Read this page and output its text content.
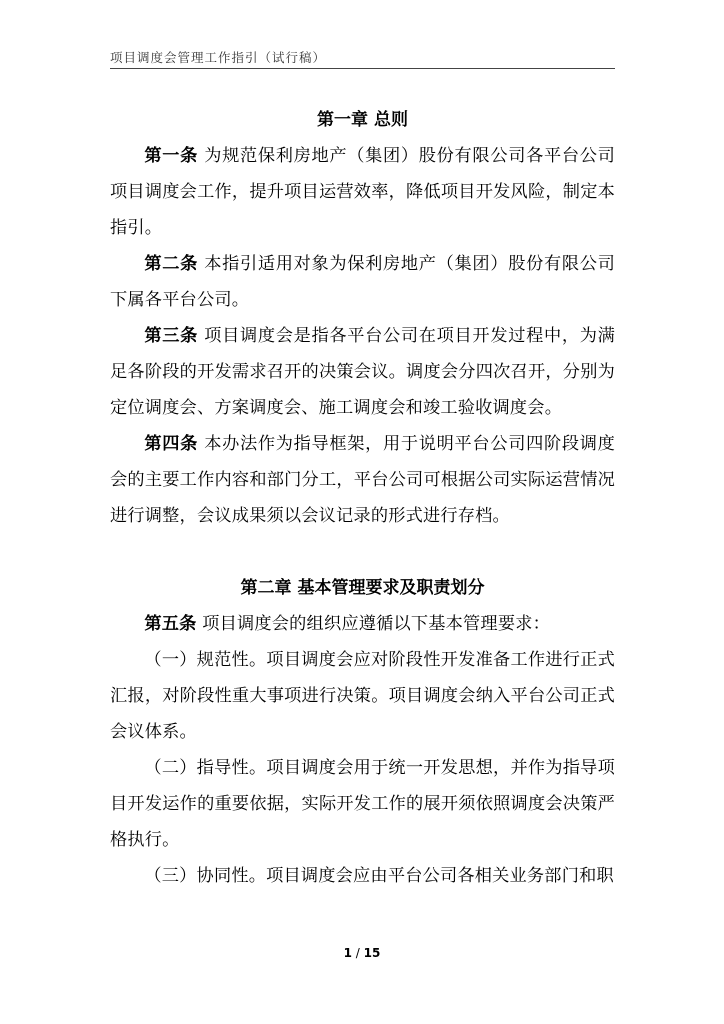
项目调度会管理工作指引（试行稿）
第一章 总则

第一条 为规范保利房地产（集团）股份有限公司各平台公司项目调度会工作，提升项目运营效率，降低项目开发风险，制定本指引。

第二条 本指引适用对象为保利房地产（集团）股份有限公司下属各平台公司。

第三条 项目调度会是指各平台公司在项目开发过程中，为满足各阶段的开发需求召开的决策会议。调度会分四次召开，分别为定位调度会、方案调度会、施工调度会和竣工验收调度会。

第四条 本办法作为指导框架，用于说明平台公司四阶段调度会的主要工作内容和部门分工，平台公司可根据公司实际运营情况进行调整，会议成果须以会议记录的形式进行存档。

第二章 基本管理要求及职责划分

第五条 项目调度会的组织应遵循以下基本管理要求：

（一）规范性。项目调度会应对阶段性开发准备工作进行正式汇报，对阶段性重大事项进行决策。项目调度会纳入平台公司正式会议体系。

（二）指导性。项目调度会用于统一开发思想，并作为指导项目开发运作的重要依据，实际开发工作的展开须依照调度会决策严格执行。

（三）协同性。项目调度会应由平台公司各相关业务部门和职

1 / 15
